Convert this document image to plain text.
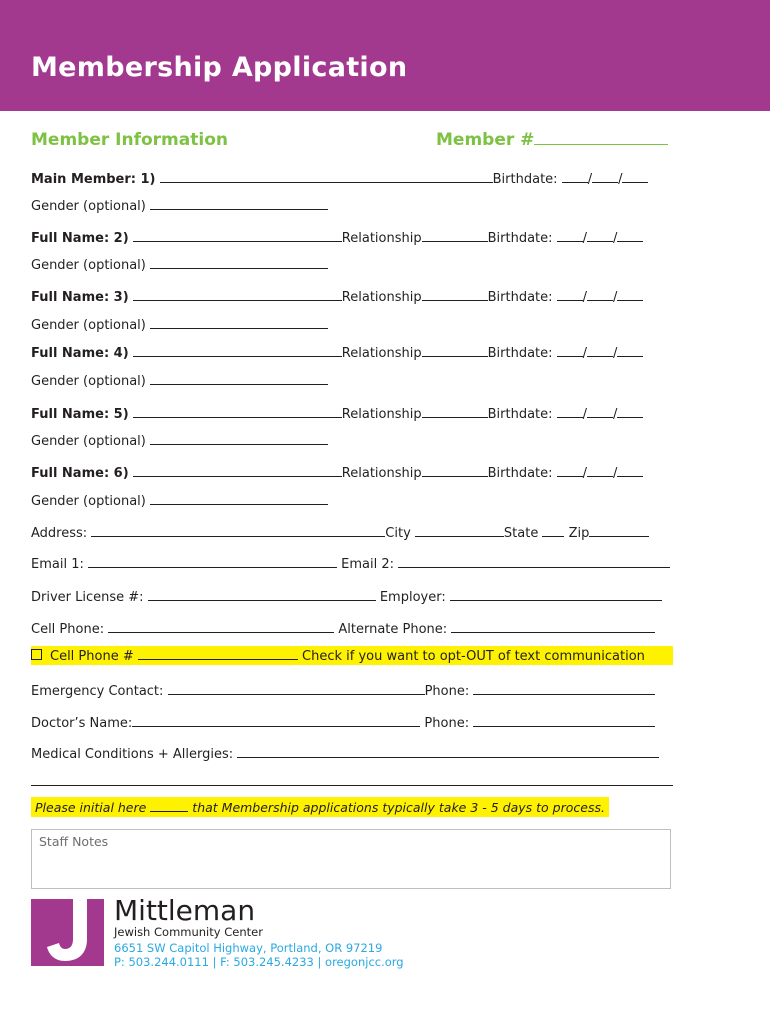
Membership Application
Member Information	Member #
Main Member: 1)	Birthdate: / /
Gender (optional)
Full Name: 2)	Relationship	Birthdate: / /
Gender (optional)
Full Name: 3)	Relationship	Birthdate: / /
Gender (optional)
Full Name: 4)	Relationship	Birthdate: / /
Gender (optional)
Full Name: 5)	Relationship	Birthdate: / /
Gender (optional)
Full Name: 6)	Relationship	Birthdate: / /
Gender (optional)
Address:	City	State Zip
Email 1:	Email 2:
Driver License #:	Employer:
Cell Phone:	Alternate Phone:
Cell Phone #	Check if you want to opt-OUT of text communication
Emergency Contact:	Phone:
Doctor’s Name:	Phone:
Medical Conditions + Allergies:
Please initial here	that Membership applications typically take 3 - 5 days to process.
Staff Notes
Mittleman
Jewish Community Center
6651 SW Capitol Highway, Portland, OR 97219
P: 503.244.0111 | F: 503.245.4233 | oregonjcc.org
